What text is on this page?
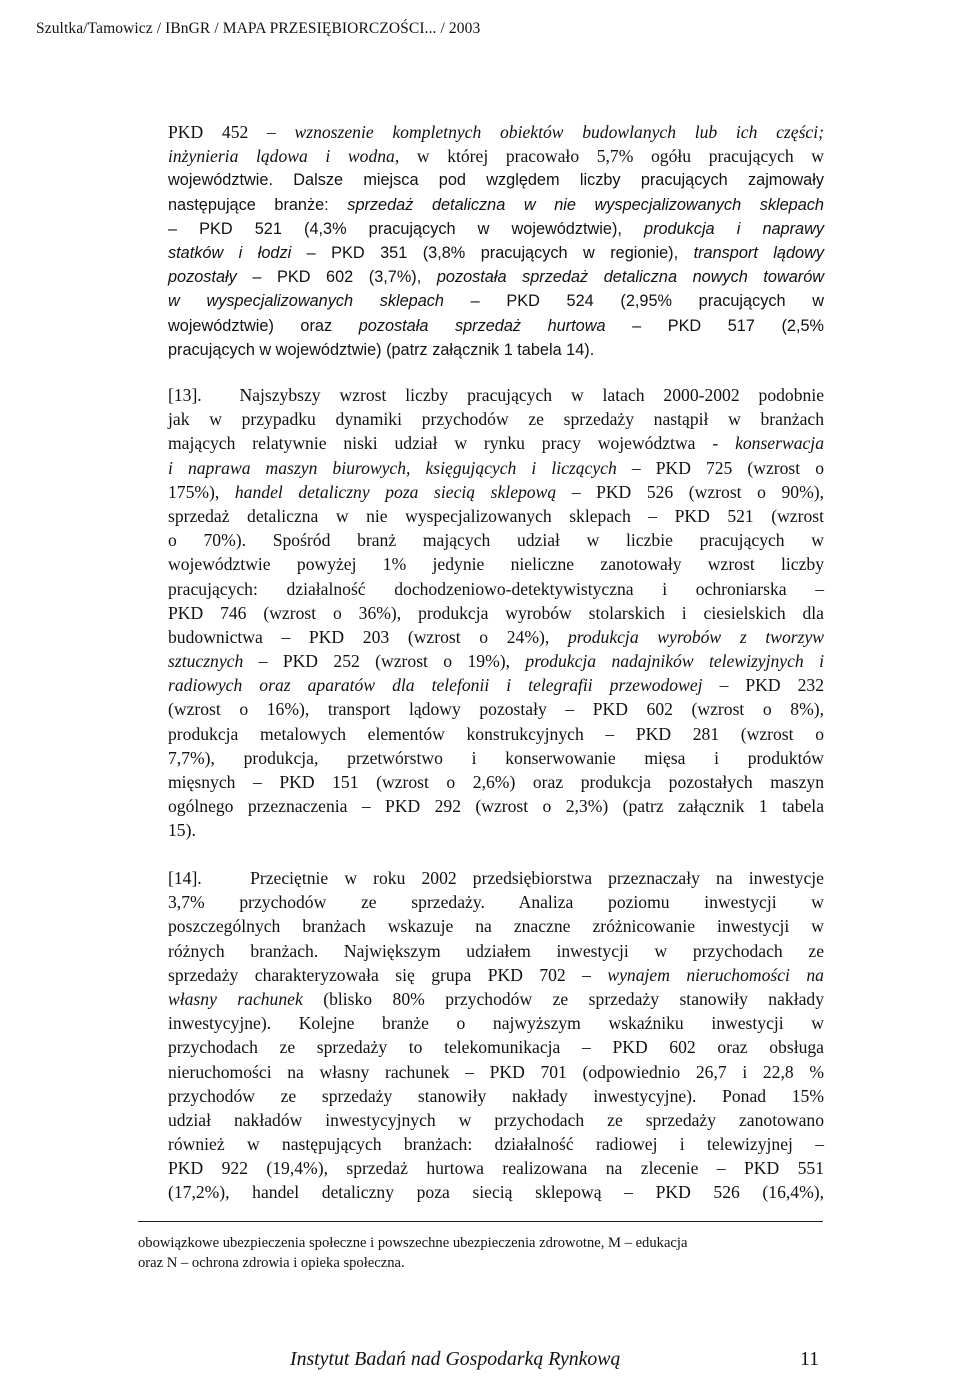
Szultka/Tamowicz / IBnGR / MAPA PRZESIĘBIORCZOŚCI... / 2003
PKD 452 – wznoszenie kompletnych obiektów budowlanych lub ich części;
inżynieria lądowa i wodna, w której pracowało 5,7% ogółu pracujących w
województwie. Dalsze miejsca pod względem liczby pracujących zajmowały
następujące branże: sprzedaż detaliczna w nie wyspecjalizowanych sklepach
– PKD 521 (4,3% pracujących w województwie), produkcja i naprawy
statków i łodzi – PKD 351 (3,8% pracujących w regionie), transport lądowy
pozostały – PKD 602 (3,7%), pozostała sprzedaż detaliczna nowych towarów
w wyspecjalizowanych sklepach – PKD 524 (2,95% pracujących w
województwie) oraz pozostała sprzedaż hurtowa – PKD 517 (2,5%
pracujących w województwie) (patrz załącznik 1 tabela 14).
[13]. Najszybszy wzrost liczby pracujących w latach 2000-2002 podobnie
jak w przypadku dynamiki przychodów ze sprzedaży nastąpił w branżach
mających relatywnie niski udział w rynku pracy województwa - konserwacja
i naprawa maszyn biurowych, księgujących i liczących – PKD 725 (wzrost o
175%), handel detaliczny poza siecią sklepową – PKD 526 (wzrost o 90%),
sprzedaż detaliczna w nie wyspecjalizowanych sklepach – PKD 521 (wzrost
o 70%). Spośród branż mających udział w liczbie pracujących w
województwie powyżej 1% jedynie nieliczne zanotowały wzrost liczby
pracujących: działalność dochodzeniowo-detektywistyczna i ochroniarska –
PKD 746 (wzrost o 36%), produkcja wyrobów stolarskich i ciesielskich dla
budownictwa – PKD 203 (wzrost o 24%), produkcja wyrobów z tworzyw
sztucznych – PKD 252 (wzrost o 19%), produkcja nadajników telewizyjnych i
radiowych oraz aparatów dla telefonii i telegrafii przewodowej – PKD 232
(wzrost o 16%), transport lądowy pozostały – PKD 602 (wzrost o 8%),
produkcja metalowych elementów konstrukcyjnych – PKD 281 (wzrost o
7,7%), produkcja, przetwórstwo i konserwowanie mięsa i produktów
mięsnych – PKD 151 (wzrost o 2,6%) oraz produkcja pozostałych maszyn
ogólnego przeznaczenia – PKD 292 (wzrost o 2,3%) (patrz załącznik 1 tabela
15).
[14].	Przeciętnie w roku 2002 przedsiębiorstwa przeznaczały na inwestycje
3,7% przychodów ze sprzedaży. Analiza poziomu inwestycji w
poszczególnych branżach wskazuje na znaczne zróżnicowanie inwestycji w
różnych branżach. Największym udziałem inwestycji w przychodach ze
sprzedaży charakteryzowała się grupa PKD 702 – wynajem nieruchomości na
własny rachunek (blisko 80% przychodów ze sprzedaży stanowiły nakłady
inwestycyjne). Kolejne branże o najwyższym wskaźniku inwestycji w
przychodach ze sprzedaży to telekomunikacja – PKD 602 oraz obsługa
nieruchomości na własny rachunek – PKD 701 (odpowiednio 26,7 i 22,8 %
przychodów ze sprzedaży stanowiły nakłady inwestycyjne). Ponad 15%
udział nakładów inwestycyjnych w przychodach ze sprzedaży zanotowano
również w następujących branżach: działalność radiowej i telewizyjnej –
PKD 922 (19,4%), sprzedaż hurtowa realizowana na zlecenie – PKD 551
(17,2%), handel detaliczny poza siecią sklepową – PKD 526 (16,4%),
obowiązkowe ubezpieczenia społeczne i powszechne ubezpieczenia zdrowotne, M – edukacja
oraz N – ochrona zdrowia i opieka społeczna.
Instytut Badań nad Gospodarką Rynkową	11
